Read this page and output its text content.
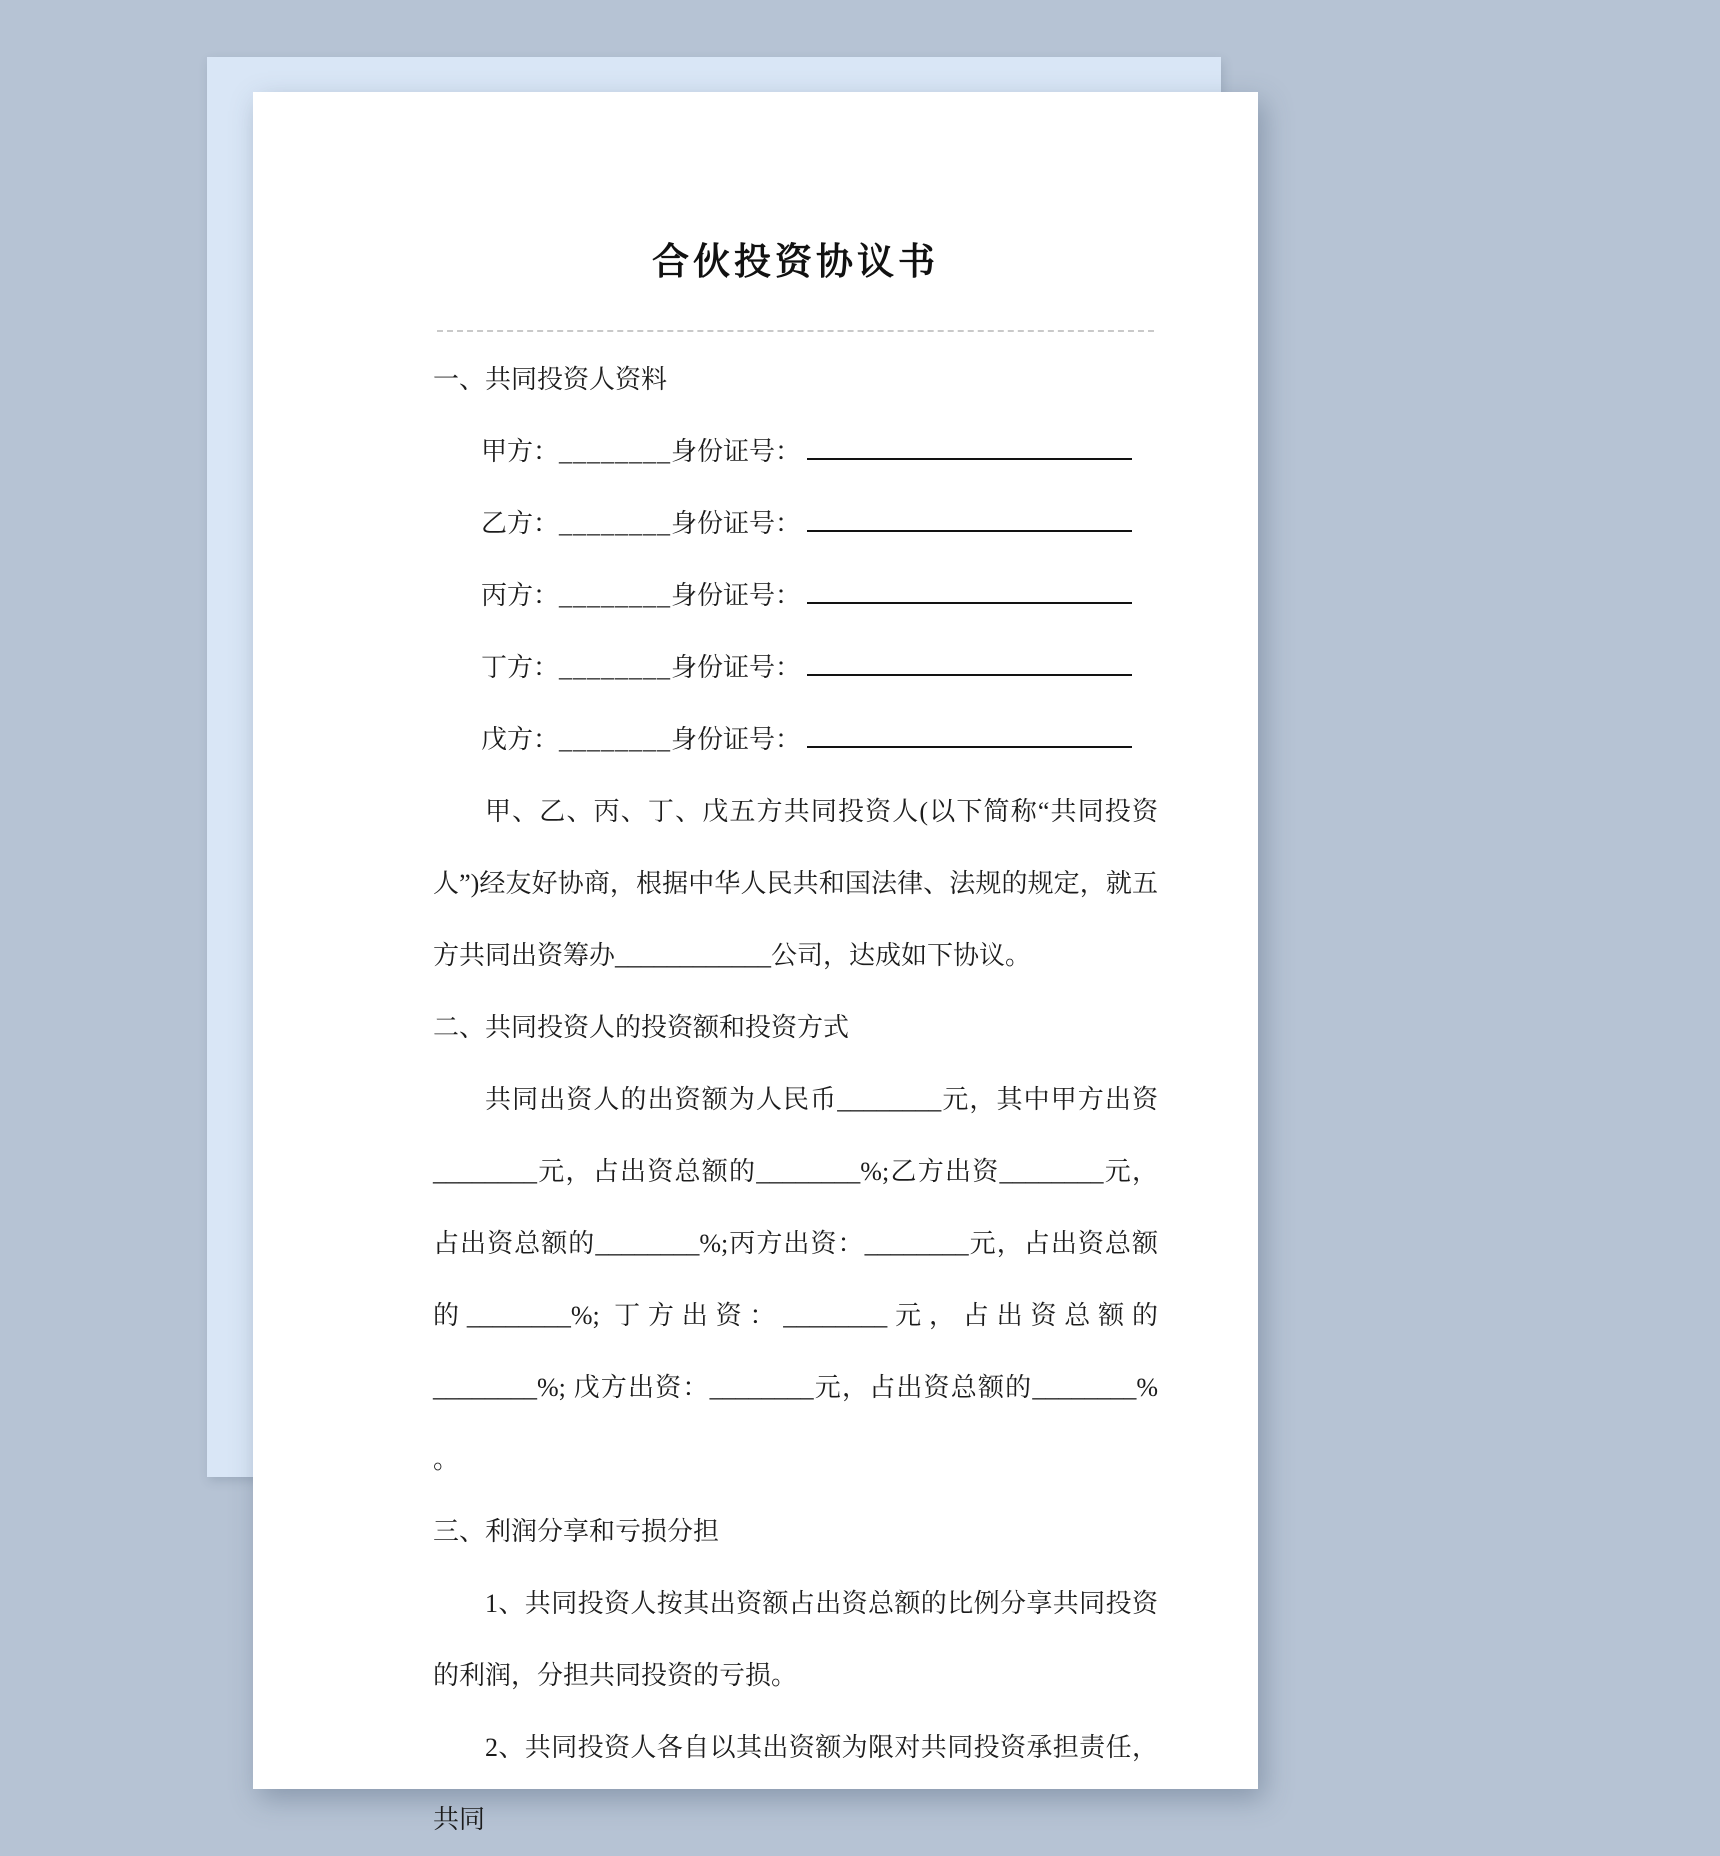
合伙投资协议书

一、共同投资人资料

甲方：________身份证号：

乙方：________身份证号：

丙方：________身份证号：

丁方：________身份证号：

戊方：________身份证号：

甲、乙、丙、丁、戊五方共同投资人(以下简称“共同投资人”)经友好协商，根据中华人民共和国法律、法规的规定，就五方共同出资筹办____________公司，达成如下协议。

二、共同投资人的投资额和投资方式

共同出资人的出资额为人民币________元，其中甲方出资________元，占出资总额的________%;乙方出资________元，占出资总额的________%;丙方出资：________元，占出资总额的________%; 丁方出资：________元，占出资总额的________%; 戊方出资：________元，占出资总额的________% 。

三、利润分享和亏损分担

1、共同投资人按其出资额占出资总额的比例分享共同投资的利润，分担共同投资的亏损。

2、共同投资人各自以其出资额为限对共同投资承担责任，共同
